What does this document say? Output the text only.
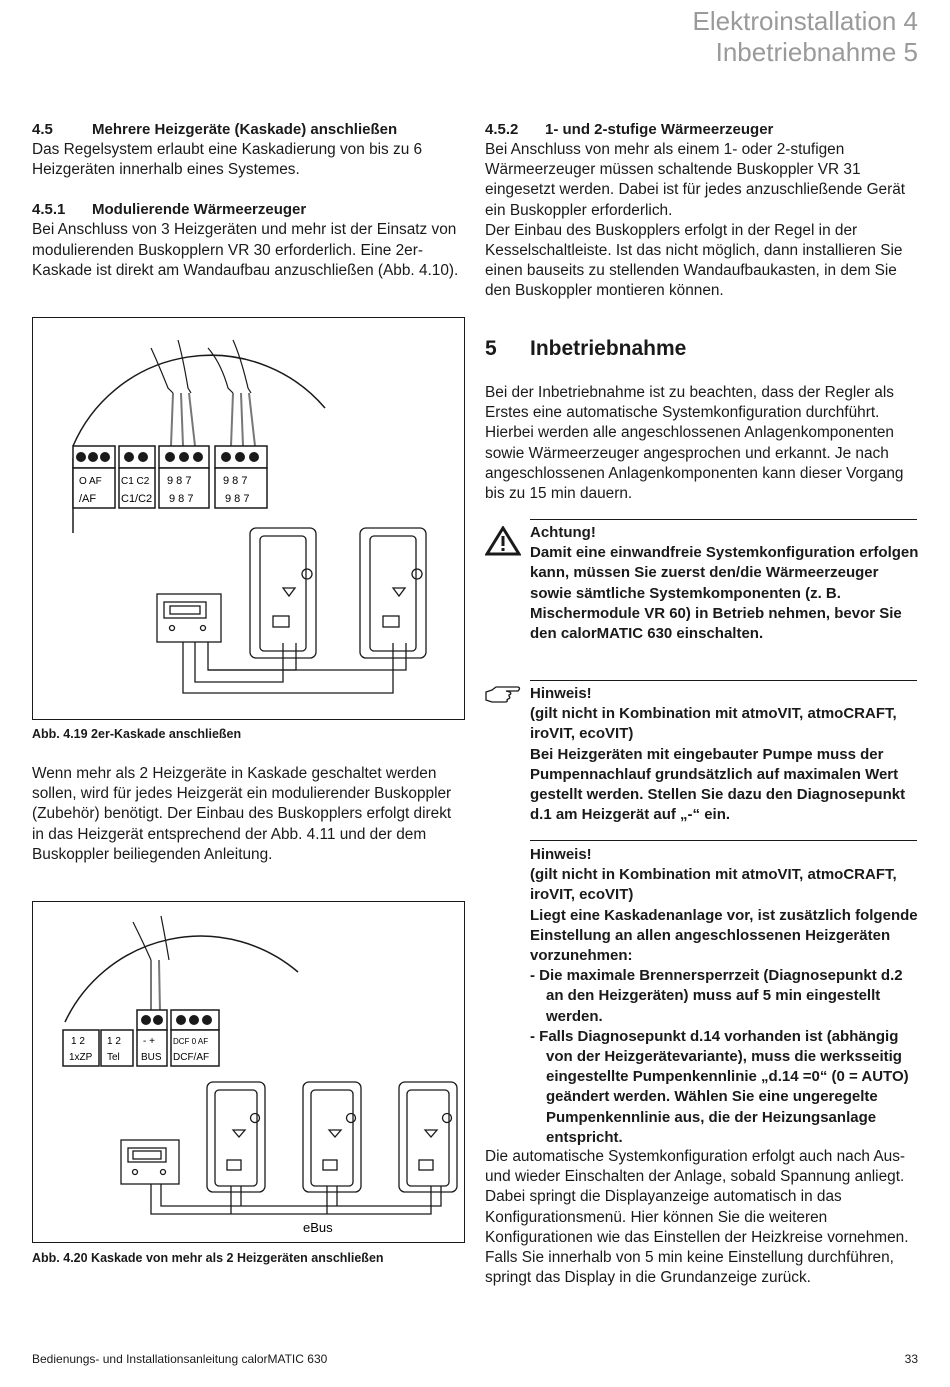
Elektroinstallation 4
Inbetriebnahme 5

4.5	Mehrere Heizgeräte (Kaskade) anschließen

Das Regelsystem erlaubt eine Kaskadierung von bis zu 6 Heizgeräten innerhalb eines Systemes.

4.5.1 Modulierende Wärmeerzeuger

Bei Anschluss von 3 Heizgeräten und mehr ist der Einsatz von modulierenden Buskopplern VR 30 erforderlich. Eine 2er-Kaskade ist direkt am Wandaufbau anzuschließen (Abb. 4.10).

O AF
/AF
C1 C2
C1/C2
9 8 7
9 8 7
9 8 7
9 8 7
Abb. 4.19 2er-Kaskade anschließen

Wenn mehr als 2 Heizgeräte in Kaskade geschaltet werden sollen, wird für jedes Heizgerät ein modulierender Buskoppler (Zubehör) benötigt. Der Einbau des Buskopplers erfolgt direkt in das Heizgerät entsprechend der Abb. 4.11 und der dem Buskoppler beiliegenden Anleitung.

1 2
1xZP
1 2
Tel
- +
BUS
DCF 0 AF
DCF/AF
eBus
Abb. 4.20 Kaskade von mehr als 2 Heizgeräten anschließen

4.5.2 1- und 2-stufige Wärmeerzeuger

Bei Anschluss von mehr als einem 1- oder 2-stufigen Wärmeerzeuger müssen schaltende Buskoppler VR 31 eingesetzt werden. Dabei ist für jedes anzuschließende Gerät ein Buskoppler erforderlich.

Der Einbau des Buskopplers erfolgt in der Regel in der Kesselschaltleiste. Ist das nicht möglich, dann installieren Sie einen bauseits zu stellenden Wandaufbaukasten, in dem Sie den Buskoppler montieren können.

5 Inbetriebnahme

Bei der Inbetriebnahme ist zu beachten, dass der Regler als Erstes eine automatische Systemkonfiguration durchführt. Hierbei werden alle angeschlossenen Anlagenkomponenten sowie Wärmeerzeuger angesprochen und erkannt. Je nach angeschlossenen Anlagenkomponenten kann dieser Vorgang bis zu 15 min dauern.

Achtung!

Damit eine einwandfreie Systemkonfiguration erfolgen kann, müssen Sie zuerst den/die Wärmeerzeuger sowie sämtliche Systemkomponenten (z. B. Mischermodule VR 60) in Betrieb nehmen, bevor Sie den calorMATIC 630 einschalten.

Hinweis!

(gilt nicht in Kombination mit atmoVIT, atmoCRAFT, iroVIT, ecoVIT)

Bei Heizgeräten mit eingebauter Pumpe muss der Pumpennachlauf grundsätzlich auf maximalen Wert gestellt werden. Stellen Sie dazu den Diagnosepunkt d.1 am Heizgerät auf „-“ ein.

Hinweis!

(gilt nicht in Kombination mit atmoVIT, atmoCRAFT, iroVIT, ecoVIT)

Liegt eine Kaskadenanlage vor, ist zusätzlich folgende Einstellung an allen angeschlossenen Heizgeräten vorzunehmen:

- Die maximale Brennersperrzeit (Diagnosepunkt d.2 an den Heizgeräten) muss auf 5 min eingestellt werden.

- Falls Diagnosepunkt d.14 vorhanden ist (abhängig von der Heizgerätevariante), muss die werksseitig eingestellte Pumpenkennlinie „d.14 =0“ (0 = AUTO) geändert werden. Wählen Sie eine ungeregelte Pumpenkennlinie aus, die der Heizungsanlage entspricht.

Die automatische Systemkonfiguration erfolgt auch nach Aus- und wieder Einschalten der Anlage, sobald Spannung anliegt.

Dabei springt die Displayanzeige automatisch in das Konfigurationsmenü. Hier können Sie die weiteren Konfigurationen wie das Einstellen der Heizkreise vornehmen. Falls Sie innerhalb von 5 min keine Einstellung durchführen, springt das Display in die Grundanzeige zurück.

Bedienungs- und Installationsanleitung calorMATIC 630	33
